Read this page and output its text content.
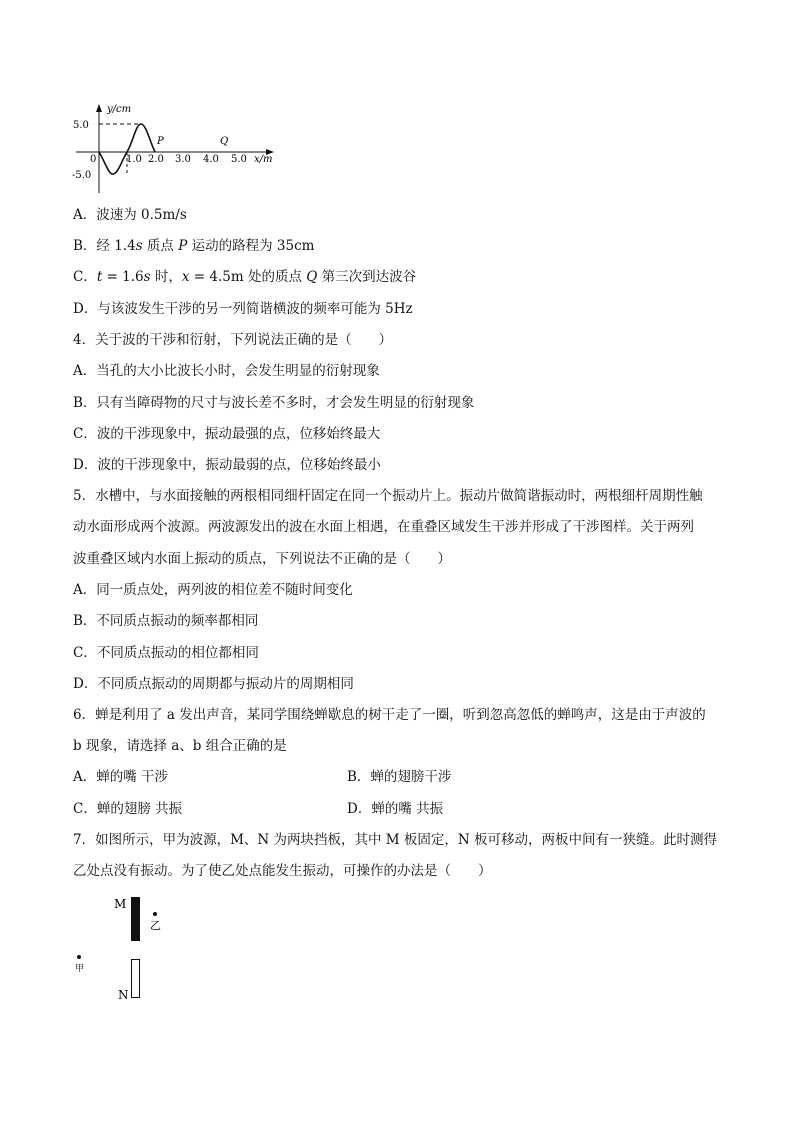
y/cm
5.0
-5.0
0	1.0 2.0 3.0 4.0 5.0 x/m
P	Q
A．波速为 0.5m/s
B．经 1.4s 质点 P 运动的路程为 35cm
C．t = 1.6s 时，x = 4.5m 处的质点 Q 第三次到达波谷
D．与该波发生干涉的另一列简谐横波的频率可能为 5Hz
4．关于波的干涉和衍射，下列说法正确的是（　　）
A．当孔的大小比波长小时，会发生明显的衍射现象
B．只有当障碍物的尺寸与波长差不多时，才会发生明显的衍射现象
C．波的干涉现象中，振动最强的点，位移始终最大
D．波的干涉现象中，振动最弱的点，位移始终最小
5．水槽中，与水面接触的两根相同细杆固定在同一个振动片上。振动片做简谐振动时，两根细杆周期性触
动水面形成两个波源。两波源发出的波在水面上相遇，在重叠区域发生干涉并形成了干涉图样。关于两列
波重叠区域内水面上振动的质点，下列说法不正确的是（　　）
A．同一质点处，两列波的相位差不随时间变化
B．不同质点振动的频率都相同
C．不同质点振动的相位都相同
D．不同质点振动的周期都与振动片的周期相同
6．蝉是利用了 a 发出声音，某同学围绕蝉歇息的树干走了一圈，听到忽高忽低的蝉鸣声，这是由于声波的
b 现象，请选择 a、b 组合正确的是
A．蝉的嘴 干涉	B．蝉的翅膀干涉
C．蝉的翅膀 共振	D．蝉的嘴 共振
7．如图所示，甲为波源，M、N 为两块挡板，其中 M 板固定，N 板可移动，两板中间有一狭缝。此时测得
乙处点没有振动。为了使乙处点能发生振动，可操作的办法是（　　）
M
乙
甲
N
